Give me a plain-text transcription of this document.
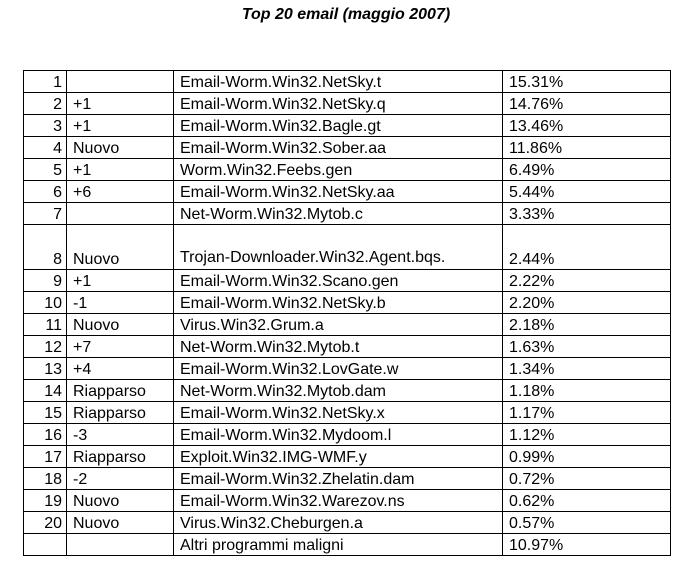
Top 20 email (maggio 2007)
1		Email-Worm.Win32.NetSky.t	15.31%
2	+1	Email-Worm.Win32.NetSky.q	14.76%
3	+1	Email-Worm.Win32.Bagle.gt	13.46%
4	Nuovo	Email-Worm.Win32.Sober.aa	11.86%
5	+1	Worm.Win32.Feebs.gen	6.49%
6	+6	Email-Worm.Win32.NetSky.aa	5.44%
7		Net-Worm.Win32.Mytob.c	3.33%
8	Nuovo	Trojan-Downloader.Win32.Agent.bqs.	2.44%
9	+1	Email-Worm.Win32.Scano.gen	2.22%
10	-1	Email-Worm.Win32.NetSky.b	2.20%
11	Nuovo	Virus.Win32.Grum.a	2.18%
12	+7	Net-Worm.Win32.Mytob.t	1.63%
13	+4	Email-Worm.Win32.LovGate.w	1.34%
14	Riapparso	Net-Worm.Win32.Mytob.dam	1.18%
15	Riapparso	Email-Worm.Win32.NetSky.x	1.17%
16	-3	Email-Worm.Win32.Mydoom.l	1.12%
17	Riapparso	Exploit.Win32.IMG-WMF.y	0.99%
18	-2	Email-Worm.Win32.Zhelatin.dam	0.72%
19	Nuovo	Email-Worm.Win32.Warezov.ns	0.62%
20	Nuovo	Virus.Win32.Cheburgen.a	0.57%
		Altri programmi maligni	10.97%
